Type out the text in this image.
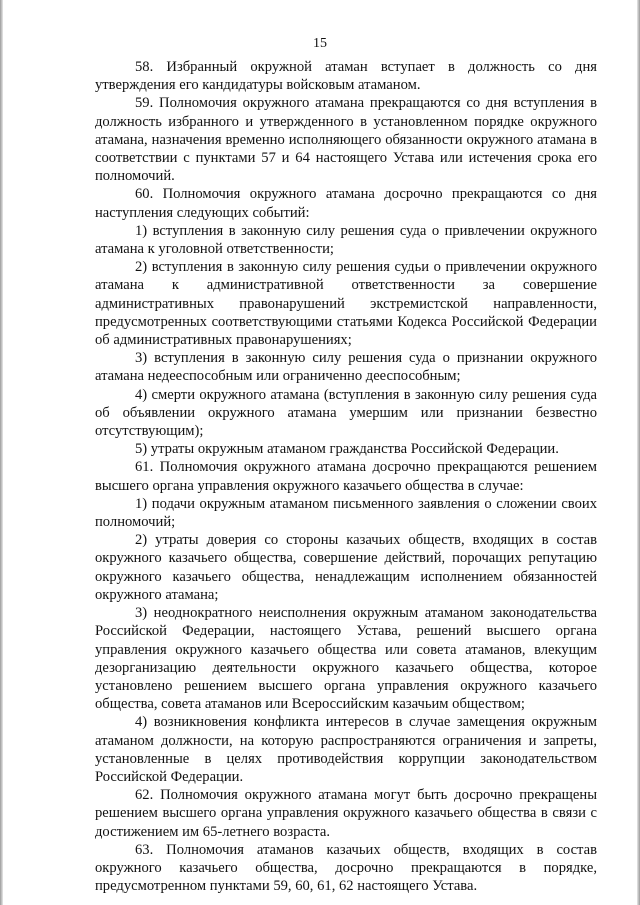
15

58. Избранный окружной атаман вступает в должность со дня утверждения его кандидатуры войсковым атаманом.

59. Полномочия окружного атамана прекращаются со дня вступления в должность избранного и утвержденного в установленном порядке окружного атамана, назначения временно исполняющего обязанности окружного атамана в соответствии с пунктами 57 и 64 настоящего Устава или истечения срока его полномочий.

60. Полномочия окружного атамана досрочно прекращаются со дня наступления следующих событий:

1) вступления в законную силу решения суда о привлечении окружного атамана к уголовной ответственности;

2) вступления в законную силу решения судьи о привлечении окружного атамана к административной ответственности за совершение административных правонарушений экстремистской направленности, предусмотренных соответствующими статьями Кодекса Российской Федерации об административных правонарушениях;

3) вступления в законную силу решения суда о признании окружного атамана недееспособным или ограниченно дееспособным;

4) смерти окружного атамана (вступления в законную силу решения суда об объявлении окружного атамана умершим или признании безвестно отсутствующим);

5) утраты окружным атаманом гражданства Российской Федерации.

61. Полномочия окружного атамана досрочно прекращаются решением высшего органа управления окружного казачьего общества в случае:

1) подачи окружным атаманом письменного заявления о сложении своих полномочий;

2) утраты доверия со стороны казачьих обществ, входящих в состав окружного казачьего общества, совершение действий, порочащих репутацию окружного казачьего общества, ненадлежащим исполнением обязанностей окружного атамана;

3) неоднократного неисполнения окружным атаманом законодательства Российской Федерации, настоящего Устава, решений высшего органа управления окружного казачьего общества или совета атаманов, влекущим дезорганизацию деятельности окружного казачьего общества, которое установлено решением высшего органа управления окружного казачьего общества, совета атаманов или Всероссийским казачьим обществом;

4) возникновения конфликта интересов в случае замещения окружным атаманом должности, на которую распространяются ограничения и запреты, установленные в целях противодействия коррупции законодательством Российской Федерации.

62. Полномочия окружного атамана могут быть досрочно прекращены решением высшего органа управления окружного казачьего общества в связи с достижением им 65-летнего возраста.

63. Полномочия атаманов казачьих обществ, входящих в состав окружного казачьего общества, досрочно прекращаются в порядке, предусмотренном пунктами 59, 60, 61, 62 настоящего Устава.
